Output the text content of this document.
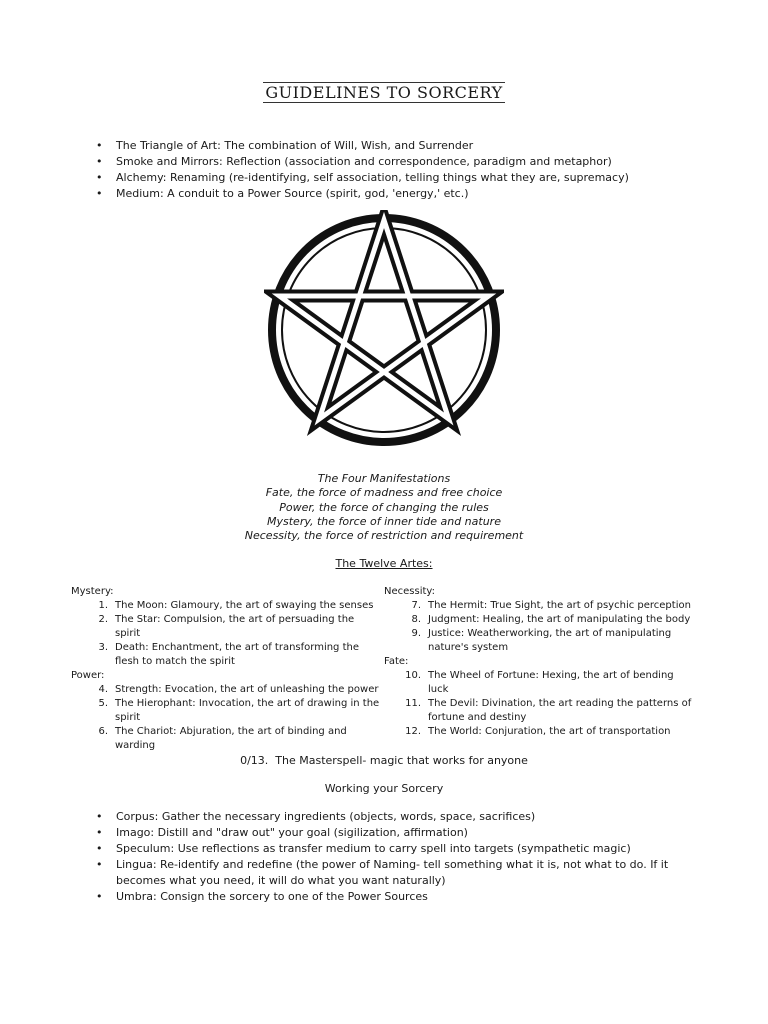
GUIDELINES TO SORCERY
• The Triangle of Art: The combination of Will, Wish, and Surrender
• Smoke and Mirrors: Reflection (association and correspondence, paradigm and metaphor)
• Alchemy: Renaming (re-identifying, self association, telling things what they are, supremacy)
• Medium: A conduit to a Power Source (spirit, god, 'energy,' etc.)
The Four Manifestations
Fate, the force of madness and free choice
Power, the force of changing the rules
Mystery, the force of inner tide and nature
Necessity, the force of restriction and requirement
The Twelve Artes:
Mystery:
1. The Moon: Glamoury, the art of swaying the senses
2. The Star: Compulsion, the art of persuading the spirit
3. Death: Enchantment, the art of transforming the flesh to match the spirit
Power:
4. Strength: Evocation, the art of unleashing the power
5. The Hierophant: Invocation, the art of drawing in the spirit
6. The Chariot: Abjuration, the art of binding and warding
Necessity:
7. The Hermit: True Sight, the art of psychic perception
8. Judgment: Healing, the art of manipulating the body
9. Justice: Weatherworking, the art of manipulating nature's system
Fate:
10. The Wheel of Fortune: Hexing, the art of bending luck
11. The Devil: Divination, the art reading the patterns of fortune and destiny
12. The World: Conjuration, the art of transportation
0/13.  The Masterspell- magic that works for anyone
Working your Sorcery
• Corpus: Gather the necessary ingredients (objects, words, space, sacrifices)
• Imago: Distill and "draw out" your goal (sigilization, affirmation)
• Speculum: Use reflections as transfer medium to carry spell into targets (sympathetic magic)
• Lingua: Re-identify and redefine (the power of Naming- tell something what it is, not what to do. If it becomes what you need, it will do what you want naturally)
• Umbra: Consign the sorcery to one of the Power Sources
